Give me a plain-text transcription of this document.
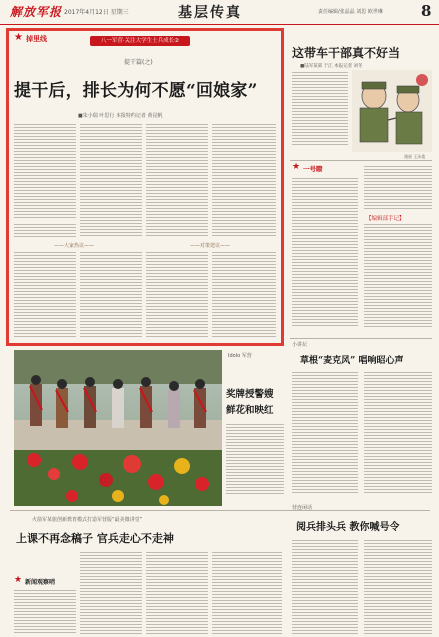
解放军报 2017年4月12日 星期三	基层传真	责任编辑/张晶晶 刘思 欧世琳	8
★ 掉里线	八一军营·关注大学生士兵成长②
提干篇(之)
提干后，排长为何不愿“回娘家”
■朱小瑞 叶思行 本报特约记者 黄昆帆
——大家热议——	——对策建议——
这带车干部真不好当
■陆军某部 于江 本报记者 刘冬
漫画 王泳俊
★ 一号瞭
【编辑部手记】
小讲坛
草根“麦克风” 唱响昭心声
Idolo 军营
奖牌授警嫂
鲜花和映红
火箭军某旅创新教育模式打造军营版“最美微讲堂”
上课不再念稿子 官兵走心不走神
★ 新闻观察哨
营连闲话
阅兵排头兵 教你喊号令
